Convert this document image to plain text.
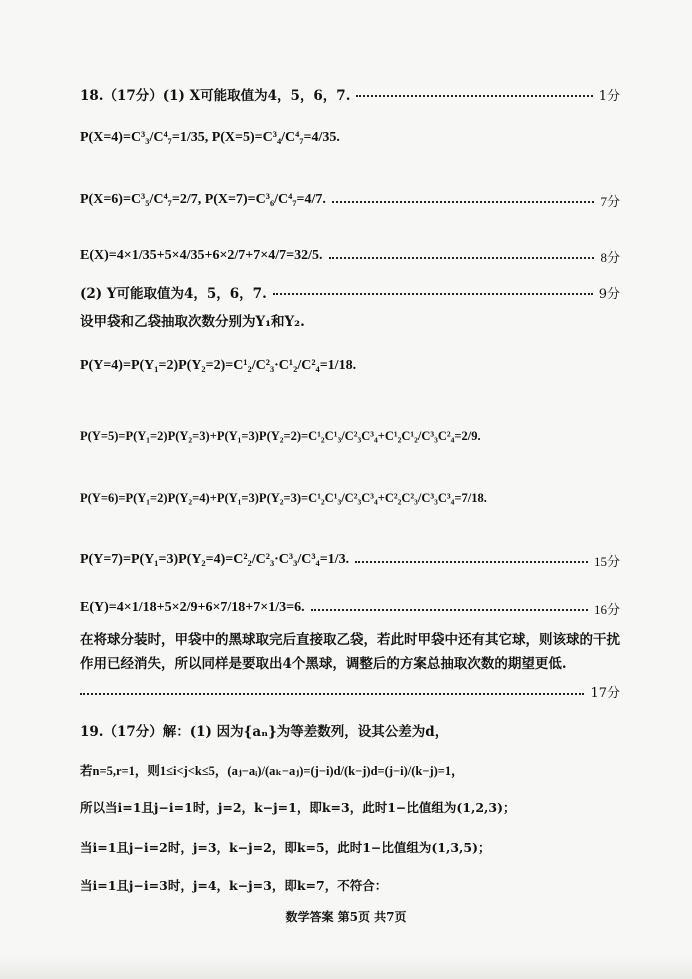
18.（17分）(1) X可能取值为4，5，6，7.	1分
P(X=4)=C³₃/C⁴₇=1/35, P(X=5)=C³₄/C⁴₇=4/35.
P(X=6)=C³₅/C⁴₇=2/7, P(X=7)=C³₆/C⁴₇=4/7.	7分
E(X)=4×1/35+5×4/35+6×2/7+7×4/7=32/5.	8分
(2) Y可能取值为4，5，6，7.	9分
设甲袋和乙袋抽取次数分别为Y₁和Y₂.
P(Y=4)=P(Y₁=2)P(Y₂=2)=C¹₂/C²₃·C¹₂/C²₄=1/18.
P(Y=5)=P(Y₁=2)P(Y₂=3)+P(Y₁=3)P(Y₂=2)=C¹₂C¹₃/C²₃C³₄+C¹₂C¹₂/C³₃C²₄=2/9.
P(Y=6)=P(Y₁=2)P(Y₂=4)+P(Y₁=3)P(Y₂=3)=C¹₂C¹₃/C²₃C³₄+C²₂C²₃/C³₃C³₄=7/18.
P(Y=7)=P(Y₁=3)P(Y₂=4)=C²₂/C²₃·C³₃/C³₄=1/3.	15分
E(Y)=4×1/18+5×2/9+6×7/18+7×1/3=6.	16分
在将球分装时，甲袋中的黑球取完后直接取乙袋，若此时甲袋中还有其它球，则该球的干扰作用已经消失，所以同样是要取出4个黑球，调整后的方案总抽取次数的期望更低.
17分
19.（17分）解：(1) 因为{aₙ}为等差数列，设其公差为d，
若n=5,r=1，则1≤i<j<k≤5，(aⱼ−aᵢ)/(aₖ−aⱼ)=(j−i)d/(k−j)d=(j−i)/(k−j)=1，
所以当i=1且j−i=1时，j=2，k−j=1，即k=3，此时1−比值组为(1,2,3)；
当i=1且j−i=2时，j=3，k−j=2，即k=5，此时1−比值组为(1,3,5)；
当i=1且j−i=3时，j=4，k−j=3，即k=7，不符合：
数学答案 第5页 共7页
